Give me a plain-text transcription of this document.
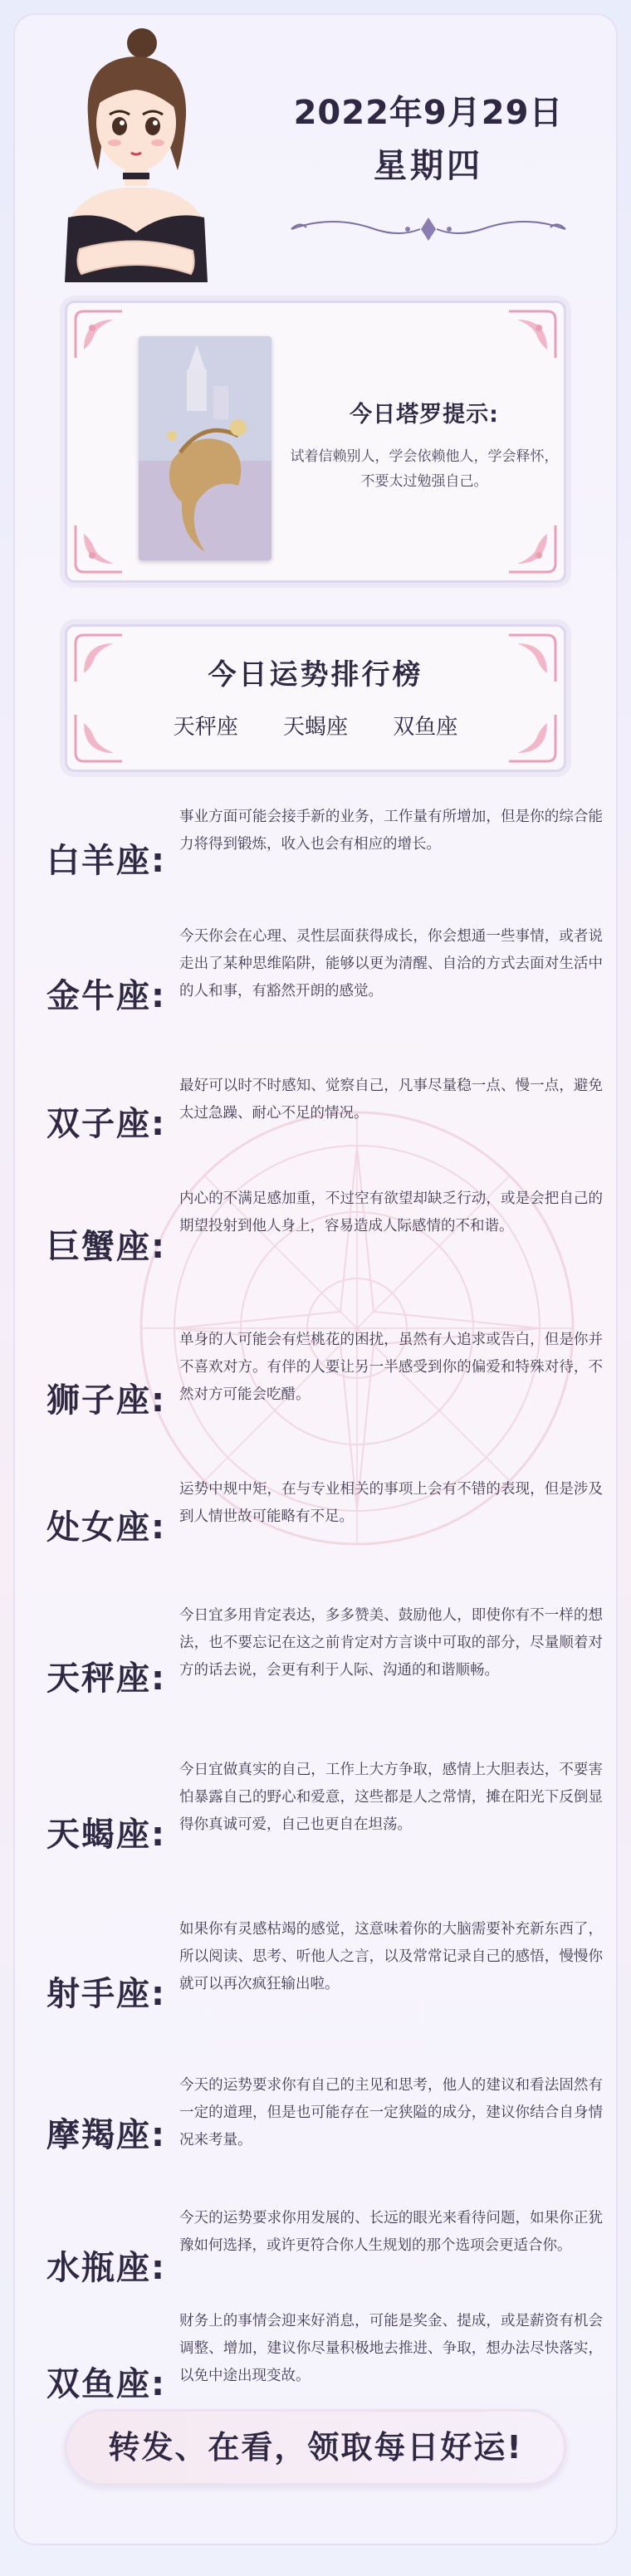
2022年9月29日
星期四
今日塔罗提示:
试着信赖别人，学会依赖他人，学会释怀，不要太过勉强自己。
今日运势排行榜
天秤座 天蝎座 双鱼座
白羊座:
事业方面可能会接手新的业务，工作量有所增加，但是你的综合能力将得到锻炼，收入也会有相应的增长。
金牛座:
今天你会在心理、灵性层面获得成长，你会想通一些事情，或者说走出了某种思维陷阱，能够以更为清醒、自洽的方式去面对生活中的人和事，有豁然开朗的感觉。
双子座:
最好可以时不时感知、觉察自己，凡事尽量稳一点、慢一点，避免太过急躁、耐心不足的情况。
巨蟹座:
内心的不满足感加重，不过空有欲望却缺乏行动，或是会把自己的期望投射到他人身上，容易造成人际感情的不和谐。
狮子座:
单身的人可能会有烂桃花的困扰，虽然有人追求或告白，但是你并不喜欢对方。有伴的人要让另一半感受到你的偏爱和特殊对待，不然对方可能会吃醋。
处女座:
运势中规中矩，在与专业相关的事项上会有不错的表现，但是涉及到人情世故可能略有不足。
天秤座:
今日宜多用肯定表达，多多赞美、鼓励他人，即使你有不一样的想法，也不要忘记在这之前肯定对方言谈中可取的部分，尽量顺着对方的话去说，会更有利于人际、沟通的和谐顺畅。
天蝎座:
今日宜做真实的自己，工作上大方争取，感情上大胆表达，不要害怕暴露自己的野心和爱意，这些都是人之常情，摊在阳光下反倒显得你真诚可爱，自己也更自在坦荡。
射手座:
如果你有灵感枯竭的感觉，这意味着你的大脑需要补充新东西了，所以阅读、思考、听他人之言，以及常常记录自己的感悟，慢慢你就可以再次疯狂输出啦。
摩羯座:
今天的运势要求你有自己的主见和思考，他人的建议和看法固然有一定的道理，但是也可能存在一定狭隘的成分，建议你结合自身情况来考量。
水瓶座:
今天的运势要求你用发展的、长远的眼光来看待问题，如果你正犹豫如何选择，或许更符合你人生规划的那个选项会更适合你。
双鱼座:
财务上的事情会迎来好消息，可能是奖金、提成，或是薪资有机会调整、增加，建议你尽量积极地去推进、争取，想办法尽快落实，以免中途出现变故。
转发、在看，领取每日好运!
